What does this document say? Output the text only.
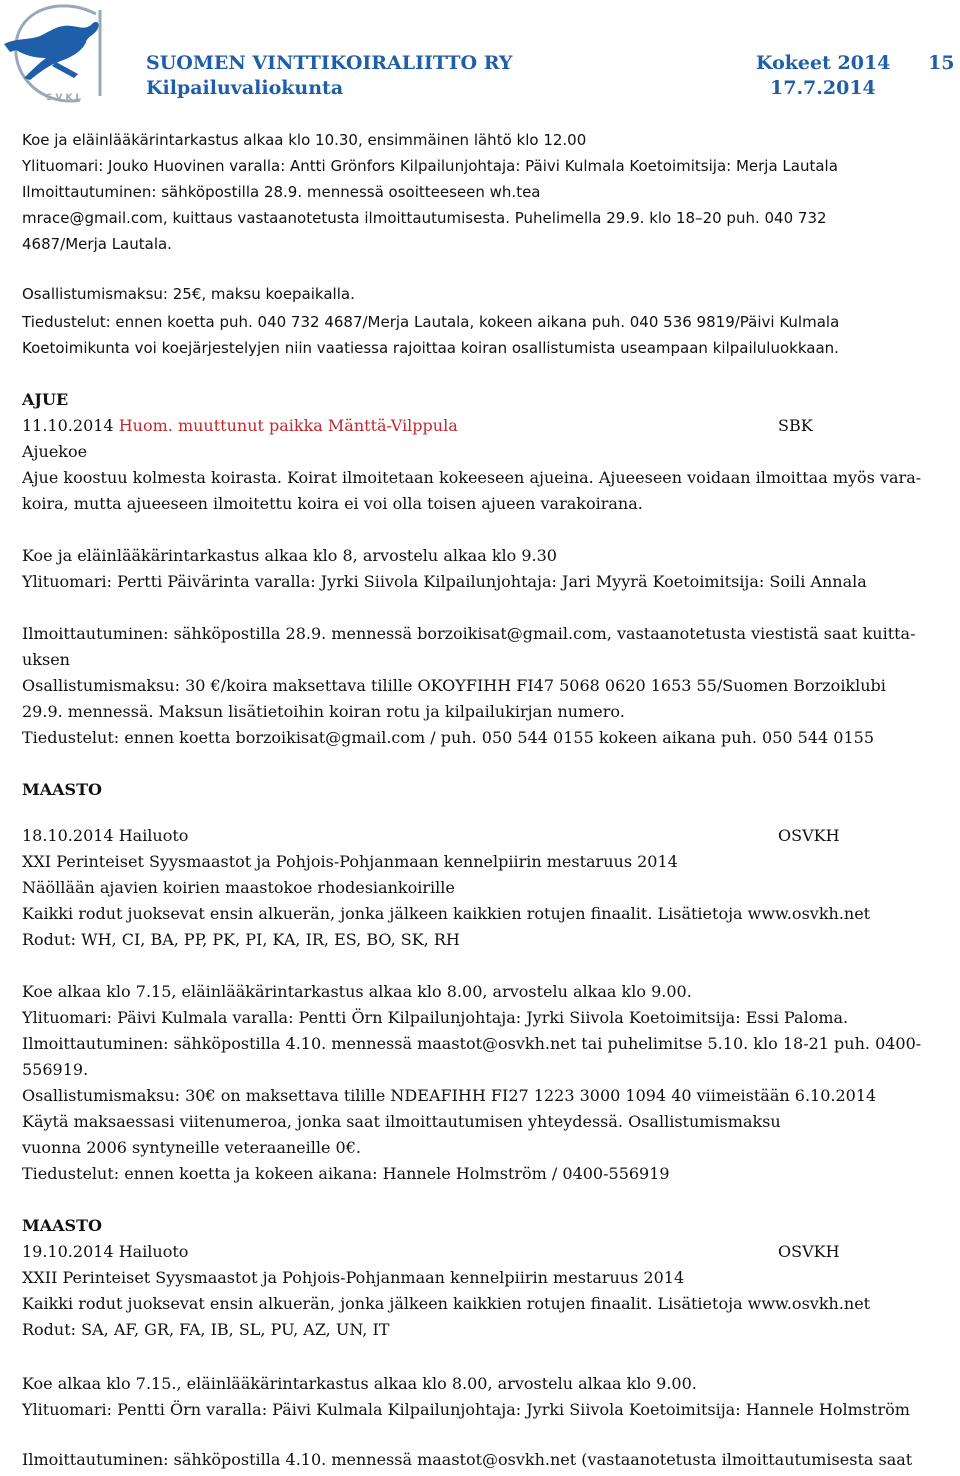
SVKL
SUOMEN VINTTIKOIRALIITTO RY
Kilpailuvaliokunta
Kokeet 2014
17.7.2014
15
Koe ja eläinlääkärintarkastus alkaa klo 10.30, ensimmäinen lähtö klo 12.00
Ylituomari: Jouko Huovinen varalla: Antti Grönfors Kilpailunjohtaja: Päivi Kulmala Koetoimitsija: Merja Lautala
Ilmoittautuminen: sähköpostilla 28.9. mennessä osoitteeseen wh.tea
mrace@gmail.com, kuittaus vastaanotetusta ilmoittautumisesta. Puhelimella 29.9. klo 18–20 puh. 040 732
4687/Merja Lautala.
Osallistumismaksu: 25€, maksu koepaikalla.
Tiedustelut: ennen koetta puh. 040 732 4687/Merja Lautala, kokeen aikana puh. 040 536 9819/Päivi Kulmala
Koetoimikunta voi koejärjestelyjen niin vaatiessa rajoittaa koiran osallistumista useampaan kilpailuluokkaan.
AJUE
11.10.2014 Huom. muuttunut paikka Mänttä-Vilppula	SBK
Ajuekoe
Ajue koostuu kolmesta koirasta. Koirat ilmoitetaan kokeeseen ajueina. Ajueeseen voidaan ilmoittaa myös vara-
koira, mutta ajueeseen ilmoitettu koira ei voi olla toisen ajueen varakoirana.
Koe ja eläinlääkärintarkastus alkaa klo 8, arvostelu alkaa klo 9.30
Ylituomari: Pertti Päivärinta varalla: Jyrki Siivola Kilpailunjohtaja: Jari Myyrä Koetoimitsija: Soili Annala
Ilmoittautuminen: sähköpostilla 28.9. mennessä borzoikisat@gmail.com, vastaanotetusta viestistä saat kuitta-
uksen
Osallistumismaksu: 30 €/koira maksettava tilille OKOYFIHH FI47 5068 0620 1653 55/Suomen Borzoiklubi
29.9. mennessä. Maksun lisätietoihin koiran rotu ja kilpailukirjan numero.
Tiedustelut: ennen koetta borzoikisat@gmail.com / puh. 050 544 0155 kokeen aikana puh. 050 544 0155
MAASTO
18.10.2014 Hailuoto	OSVKH
XXI Perinteiset Syysmaastot ja Pohjois-Pohjanmaan kennelpiirin mestaruus 2014
Näöllään ajavien koirien maastokoe rhodesiankoirille
Kaikki rodut juoksevat ensin alkuerän, jonka jälkeen kaikkien rotujen finaalit. Lisätietoja www.osvkh.net
Rodut: WH, CI, BA, PP, PK, PI, KA, IR, ES, BO, SK, RH
Koe alkaa klo 7.15, eläinlääkärintarkastus alkaa klo 8.00, arvostelu alkaa klo 9.00.
Ylituomari: Päivi Kulmala varalla: Pentti Örn Kilpailunjohtaja: Jyrki Siivola Koetoimitsija: Essi Paloma.
Ilmoittautuminen: sähköpostilla 4.10. mennessä maastot@osvkh.net tai puhelimitse 5.10. klo 18-21 puh. 0400-
556919.
Osallistumismaksu: 30€ on maksettava tilille NDEAFIHH FI27 1223 3000 1094 40 viimeistään 6.10.2014
Käytä maksaessasi viitenumeroa, jonka saat ilmoittautumisen yhteydessä. Osallistumismaksu
vuonna 2006 syntyneille veteraaneille 0€.
Tiedustelut: ennen koetta ja kokeen aikana: Hannele Holmström / 0400-556919
MAASTO
19.10.2014 Hailuoto	OSVKH
XXII Perinteiset Syysmaastot ja Pohjois-Pohjanmaan kennelpiirin mestaruus 2014
Kaikki rodut juoksevat ensin alkuerän, jonka jälkeen kaikkien rotujen finaalit. Lisätietoja www.osvkh.net
Rodut: SA, AF, GR, FA, IB, SL, PU, AZ, UN, IT
Koe alkaa klo 7.15., eläinlääkärintarkastus alkaa klo 8.00, arvostelu alkaa klo 9.00.
Ylituomari: Pentti Örn varalla: Päivi Kulmala Kilpailunjohtaja: Jyrki Siivola Koetoimitsija: Hannele Holmström
Ilmoittautuminen: sähköpostilla 4.10. mennessä maastot@osvkh.net (vastaanotetusta ilmoittautumisesta saat
